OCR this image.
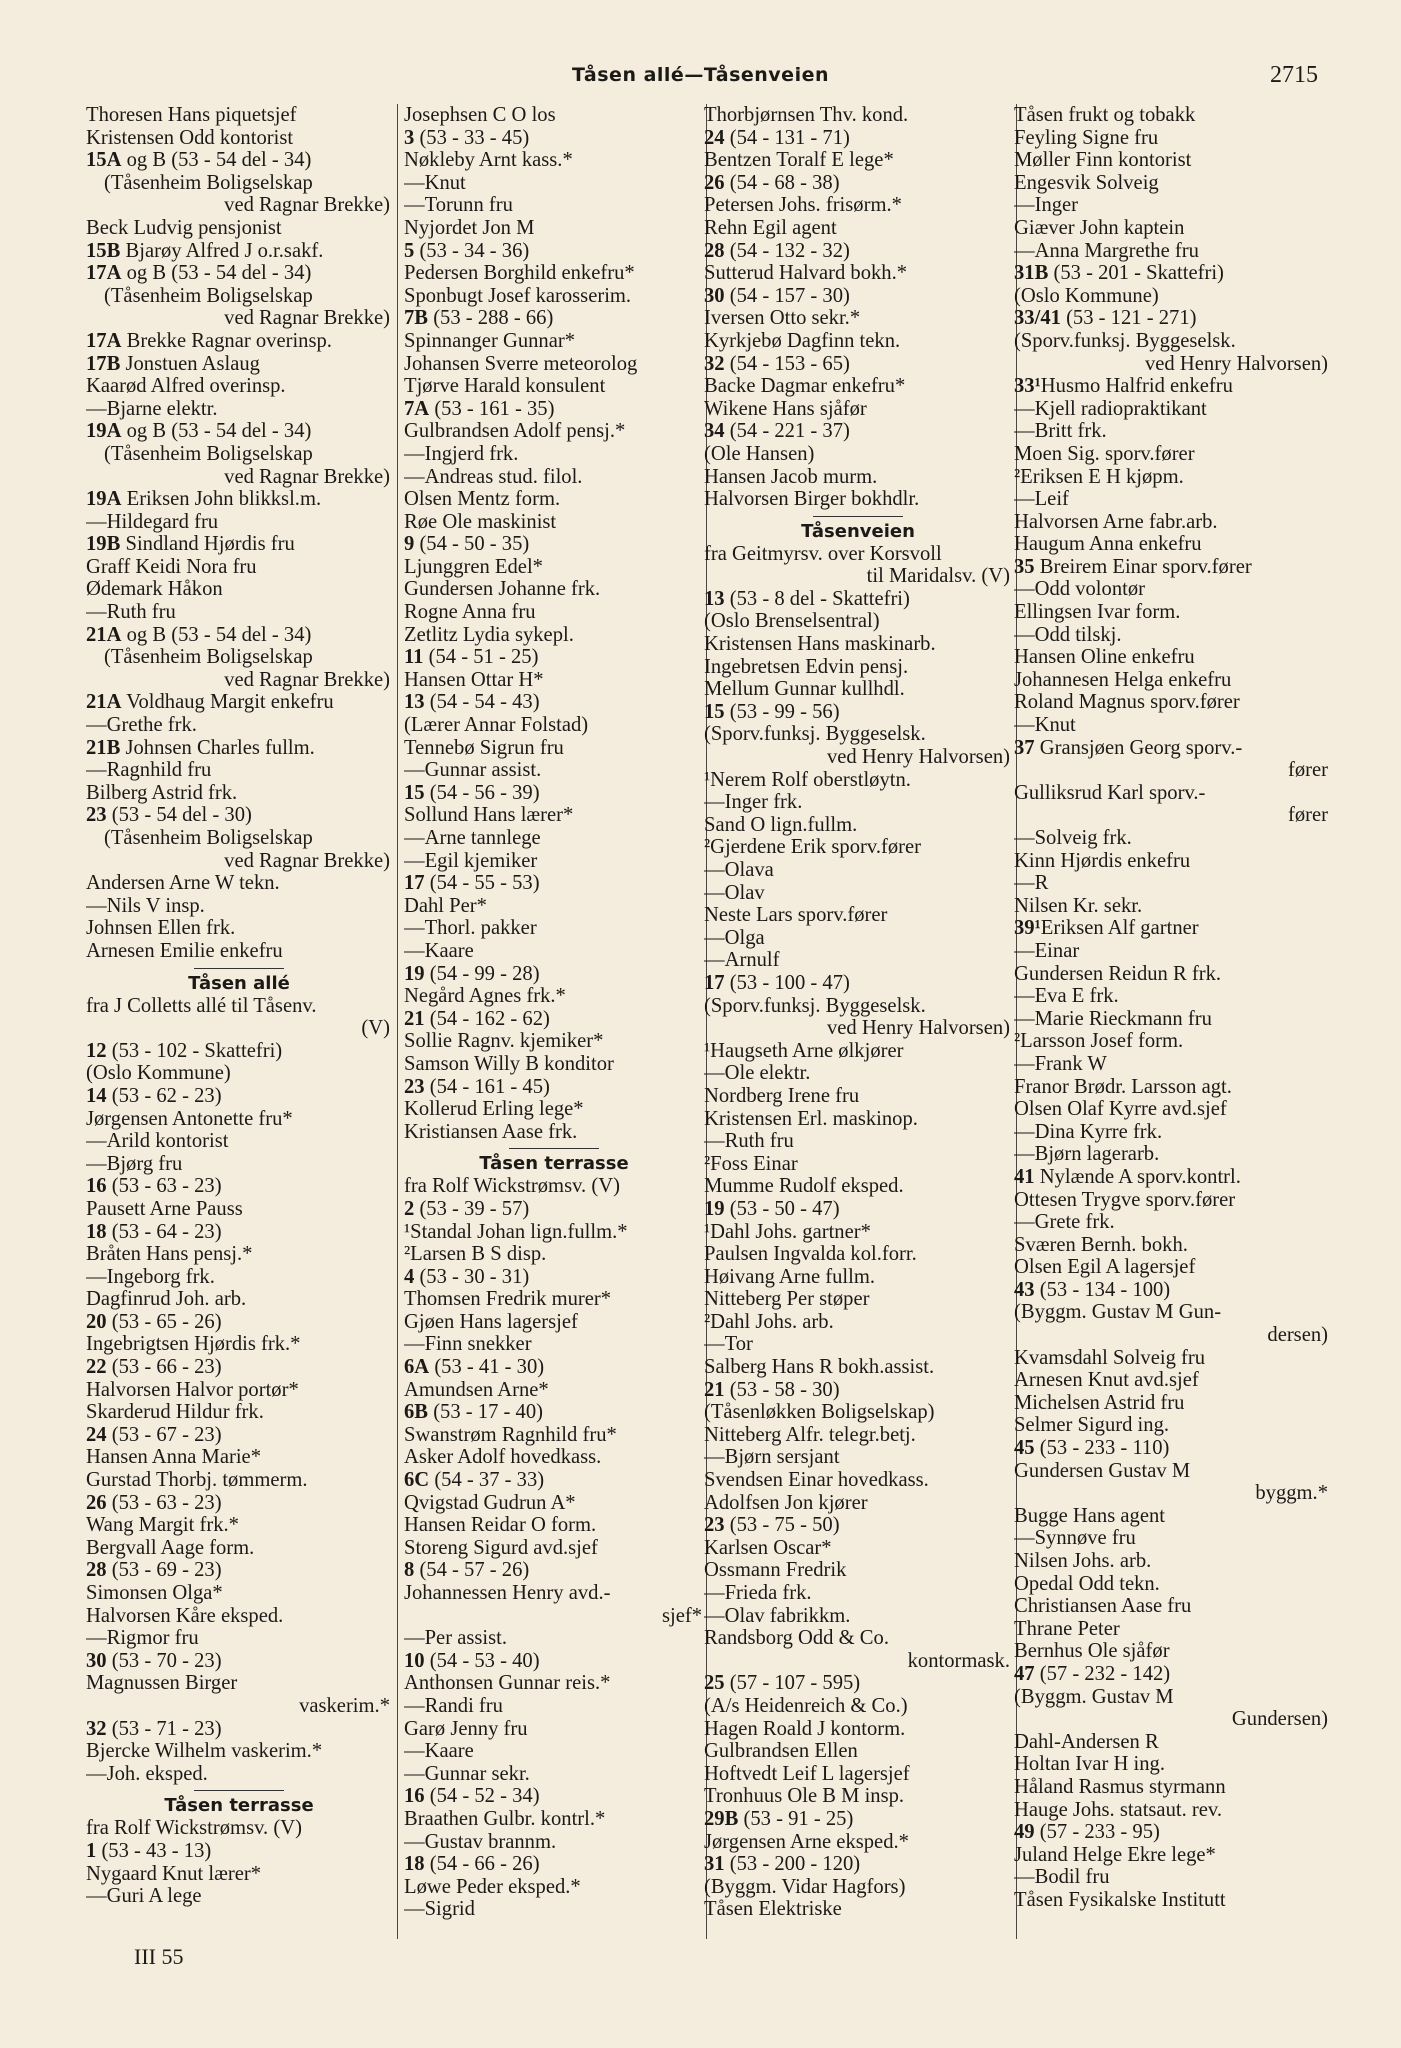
Tåsen allé—Tåsenveien	2715
Thoresen Hans piquetsjef
Kristensen Odd kontorist
15A og B (53 - 54 del - 34)
(Tåsenheim Boligselskap
ved Ragnar Brekke)
Beck Ludvig pensjonist
15B Bjarøy Alfred J o.r.sakf.
17A og B (53 - 54 del - 34)
(Tåsenheim Boligselskap
ved Ragnar Brekke)
17A Brekke Ragnar overinsp.
17B Jonstuen Aslaug
Kaarød Alfred overinsp.
—Bjarne elektr.
19A og B (53 - 54 del - 34)
(Tåsenheim Boligselskap
ved Ragnar Brekke)
19A Eriksen John blikksl.m.
—Hildegard fru
19B Sindland Hjørdis fru
Graff Keidi Nora fru
Ødemark Håkon
—Ruth fru
21A og B (53 - 54 del - 34)
(Tåsenheim Boligselskap
ved Ragnar Brekke)
21A Voldhaug Margit enkefru
—Grethe frk.
21B Johnsen Charles fullm.
—Ragnhild fru
Bilberg Astrid frk.
23 (53 - 54 del - 30)
(Tåsenheim Boligselskap
ved Ragnar Brekke)
Andersen Arne W tekn.
—Nils V insp.
Johnsen Ellen frk.
Arnesen Emilie enkefru
Tåsen allé
fra J Colletts allé til Tåsenv.
(V)
12 (53 - 102 - Skattefri)
(Oslo Kommune)
14 (53 - 62 - 23)
Jørgensen Antonette fru*
—Arild kontorist
—Bjørg fru
16 (53 - 63 - 23)
Pausett Arne Pauss
18 (53 - 64 - 23)
Bråten Hans pensj.*
—Ingeborg frk.
Dagfinrud Joh. arb.
20 (53 - 65 - 26)
Ingebrigtsen Hjørdis frk.*
22 (53 - 66 - 23)
Halvorsen Halvor portør*
Skarderud Hildur frk.
24 (53 - 67 - 23)
Hansen Anna Marie*
Gurstad Thorbj. tømmerm.
26 (53 - 63 - 23)
Wang Margit frk.*
Bergvall Aage form.
28 (53 - 69 - 23)
Simonsen Olga*
Halvorsen Kåre eksped.
—Rigmor fru
30 (53 - 70 - 23)
Magnussen Birger
vaskerim.*
32 (53 - 71 - 23)
Bjercke Wilhelm vaskerim.*
—Joh. eksped.
Tåsen terrasse
fra Rolf Wickstrømsv. (V)
1 (53 - 43 - 13)
Nygaard Knut lærer*
—Guri A lege
Josephsen C O los
3 (53 - 33 - 45)
Nøkleby Arnt kass.*
—Knut
—Torunn fru
Nyjordet Jon M
5 (53 - 34 - 36)
Pedersen Borghild enkefru*
Sponbugt Josef karosserim.
7B (53 - 288 - 66)
Spinnanger Gunnar*
Johansen Sverre meteorolog
Tjørve Harald konsulent
7A (53 - 161 - 35)
Gulbrandsen Adolf pensj.*
—Ingjerd frk.
—Andreas stud. filol.
Olsen Mentz form.
Røe Ole maskinist
9 (54 - 50 - 35)
Ljunggren Edel*
Gundersen Johanne frk.
Rogne Anna fru
Zetlitz Lydia sykepl.
11 (54 - 51 - 25)
Hansen Ottar H*
13 (54 - 54 - 43)
(Lærer Annar Folstad)
Tennebø Sigrun fru
—Gunnar assist.
15 (54 - 56 - 39)
Sollund Hans lærer*
—Arne tannlege
—Egil kjemiker
17 (54 - 55 - 53)
Dahl Per*
—Thorl. pakker
—Kaare
19 (54 - 99 - 28)
Negård Agnes frk.*
21 (54 - 162 - 62)
Sollie Ragnv. kjemiker*
Samson Willy B konditor
23 (54 - 161 - 45)
Kollerud Erling lege*
Kristiansen Aase frk.
Tåsen terrasse
fra Rolf Wickstrømsv. (V)
2 (53 - 39 - 57)
¹Standal Johan lign.fullm.*
²Larsen B S disp.
4 (53 - 30 - 31)
Thomsen Fredrik murer*
Gjøen Hans lagersjef
—Finn snekker
6A (53 - 41 - 30)
Amundsen Arne*
6B (53 - 17 - 40)
Swanstrøm Ragnhild fru*
Asker Adolf hovedkass.
6C (54 - 37 - 33)
Qvigstad Gudrun A*
Hansen Reidar O form.
Storeng Sigurd avd.sjef
8 (54 - 57 - 26)
Johannessen Henry avd.-
sjef*
—Per assist.
10 (54 - 53 - 40)
Anthonsen Gunnar reis.*
—Randi fru
Garø Jenny fru
—Kaare
—Gunnar sekr.
16 (54 - 52 - 34)
Braathen Gulbr. kontrl.*
—Gustav brannm.
18 (54 - 66 - 26)
Løwe Peder eksped.*
—Sigrid
Thorbjørnsen Thv. kond.
24 (54 - 131 - 71)
Bentzen Toralf E lege*
26 (54 - 68 - 38)
Petersen Johs. frisørm.*
Rehn Egil agent
28 (54 - 132 - 32)
Sutterud Halvard bokh.*
30 (54 - 157 - 30)
Iversen Otto sekr.*
Kyrkjebø Dagfinn tekn.
32 (54 - 153 - 65)
Backe Dagmar enkefru*
Wikene Hans sjåfør
34 (54 - 221 - 37)
(Ole Hansen)
Hansen Jacob murm.
Halvorsen Birger bokhdlr.
Tåsenveien
fra Geitmyrsv. over Korsvoll
til Maridalsv. (V)
13 (53 - 8 del - Skattefri)
(Oslo Brenselsentral)
Kristensen Hans maskinarb.
Ingebretsen Edvin pensj.
Mellum Gunnar kullhdl.
15 (53 - 99 - 56)
(Sporv.funksj. Byggeselsk.
ved Henry Halvorsen)
¹Nerem Rolf oberstløytn.
—Inger frk.
Sand O lign.fullm.
²Gjerdene Erik sporv.fører
—Olava
—Olav
Neste Lars sporv.fører
—Olga
—Arnulf
17 (53 - 100 - 47)
(Sporv.funksj. Byggeselsk.
ved Henry Halvorsen)
¹Haugseth Arne ølkjører
—Ole elektr.
Nordberg Irene fru
Kristensen Erl. maskinop.
—Ruth fru
²Foss Einar
Mumme Rudolf eksped.
19 (53 - 50 - 47)
¹Dahl Johs. gartner*
Paulsen Ingvalda kol.forr.
Høivang Arne fullm.
Nitteberg Per støper
²Dahl Johs. arb.
—Tor
Salberg Hans R bokh.assist.
21 (53 - 58 - 30)
(Tåsenløkken Boligselskap)
Nitteberg Alfr. telegr.betj.
—Bjørn sersjant
Svendsen Einar hovedkass.
Adolfsen Jon kjører
23 (53 - 75 - 50)
Karlsen Oscar*
Ossmann Fredrik
—Frieda frk.
—Olav fabrikkm.
Randsborg Odd & Co.
kontormask.
25 (57 - 107 - 595)
(A/s Heidenreich & Co.)
Hagen Roald J kontorm.
Gulbrandsen Ellen
Hoftvedt Leif L lagersjef
Tronhuus Ole B M insp.
29B (53 - 91 - 25)
Jørgensen Arne eksped.*
31 (53 - 200 - 120)
(Byggm. Vidar Hagfors)
Tåsen Elektriske
Tåsen frukt og tobakk
Feyling Signe fru
Møller Finn kontorist
Engesvik Solveig
—Inger
Giæver John kaptein
—Anna Margrethe fru
31B (53 - 201 - Skattefri)
(Oslo Kommune)
33/41 (53 - 121 - 271)
(Sporv.funksj. Byggeselsk.
ved Henry Halvorsen)
33¹Husmo Halfrid enkefru
—Kjell radiopraktikant
—Britt frk.
Moen Sig. sporv.fører
²Eriksen E H kjøpm.
—Leif
Halvorsen Arne fabr.arb.
Haugum Anna enkefru
35 Breirem Einar sporv.fører
—Odd volontør
Ellingsen Ivar form.
—Odd tilskj.
Hansen Oline enkefru
Johannesen Helga enkefru
Roland Magnus sporv.fører
—Knut
37 Gransjøen Georg sporv.-
fører
Gulliksrud Karl sporv.-
fører
—Solveig frk.
Kinn Hjørdis enkefru
—R
Nilsen Kr. sekr.
39¹Eriksen Alf gartner
—Einar
Gundersen Reidun R frk.
—Eva E frk.
—Marie Rieckmann fru
²Larsson Josef form.
—Frank W
Franor Brødr. Larsson agt.
Olsen Olaf Kyrre avd.sjef
—Dina Kyrre frk.
—Bjørn lagerarb.
41 Nylænde A sporv.kontrl.
Ottesen Trygve sporv.fører
—Grete frk.
Sværen Bernh. bokh.
Olsen Egil A lagersjef
43 (53 - 134 - 100)
(Byggm. Gustav M Gun-
dersen)
Kvamsdahl Solveig fru
Arnesen Knut avd.sjef
Michelsen Astrid fru
Selmer Sigurd ing.
45 (53 - 233 - 110)
Gundersen Gustav M
byggm.*
Bugge Hans agent
—Synnøve fru
Nilsen Johs. arb.
Opedal Odd tekn.
Christiansen Aase fru
Thrane Peter
Bernhus Ole sjåfør
47 (57 - 232 - 142)
(Byggm. Gustav M
Gundersen)
Dahl-Andersen R
Holtan Ivar H ing.
Håland Rasmus styrmann
Hauge Johs. statsaut. rev.
49 (57 - 233 - 95)
Juland Helge Ekre lege*
—Bodil fru
Tåsen Fysikalske Institutt
III 55
